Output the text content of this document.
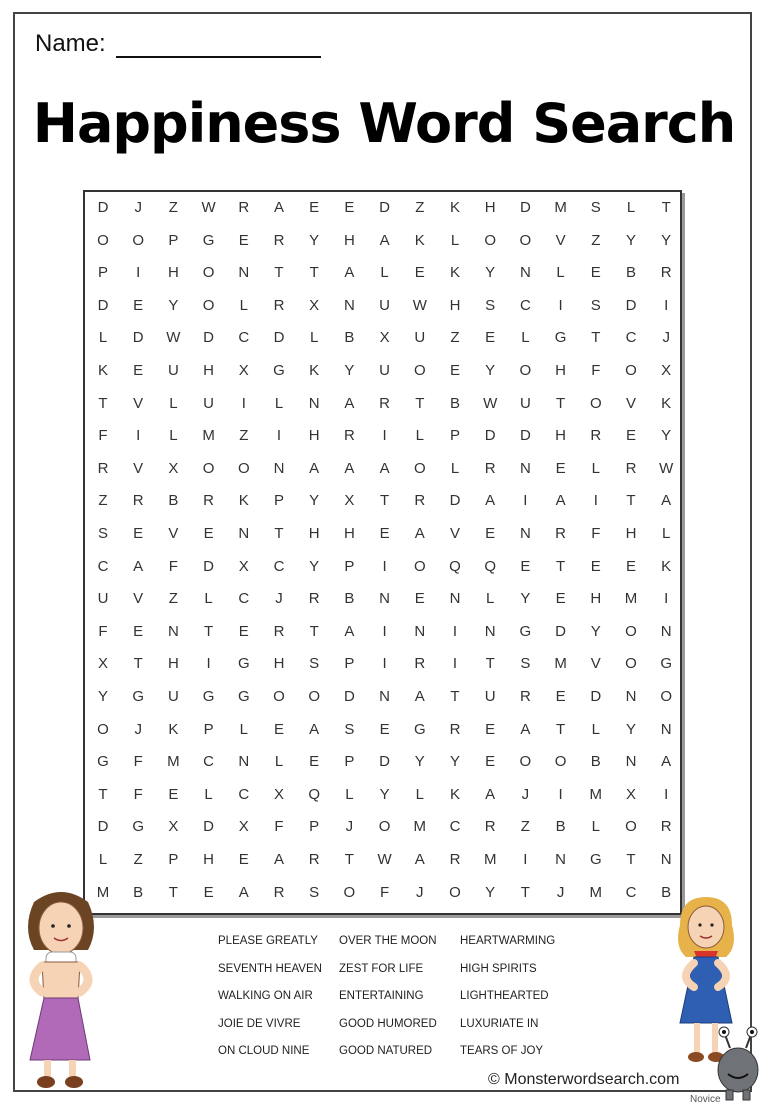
Name:
Happiness Word Search
D	J	Z	W	R	A	E	E	D	Z	K	H	D	M	S	L	T
O	O	P	G	E	R	Y	H	A	K	L	O	O	V	Z	Y	Y
P	I	H	O	N	T	T	A	L	E	K	Y	N	L	E	B	R
D	E	Y	O	L	R	X	N	U	W	H	S	C	I	S	D	I
L	D	W	D	C	D	L	B	X	U	Z	E	L	G	T	C	J
K	E	U	H	X	G	K	Y	U	O	E	Y	O	H	F	O	X
T	V	L	U	I	L	N	A	R	T	B	W	U	T	O	V	K
F	I	L	M	Z	I	H	R	I	L	P	D	D	H	R	E	Y
R	V	X	O	O	N	A	A	A	O	L	R	N	E	L	R	W
Z	R	B	R	K	P	Y	X	T	R	D	A	I	A	I	T	A
S	E	V	E	N	T	H	H	E	A	V	E	N	R	F	H	L
C	A	F	D	X	C	Y	P	I	O	Q	Q	E	T	E	E	K
U	V	Z	L	C	J	R	B	N	E	N	L	Y	E	H	M	I
F	E	N	T	E	R	T	A	I	N	I	N	G	D	Y	O	N
X	T	H	I	G	H	S	P	I	R	I	T	S	M	V	O	G
Y	G	U	G	G	O	O	D	N	A	T	U	R	E	D	N	O
O	J	K	P	L	E	A	S	E	G	R	E	A	T	L	Y	N
G	F	M	C	N	L	E	P	D	Y	Y	E	O	O	B	N	A
T	F	E	L	C	X	Q	L	Y	L	K	A	J	I	M	X	I
D	G	X	D	X	F	P	J	O	M	C	R	Z	B	L	O	R
L	Z	P	H	E	A	R	T	W	A	R	M	I	N	G	T	N
M	B	T	E	A	R	S	O	F	J	O	Y	T	J	M	C	B
PLEASE GREATLY	OVER THE MOON	HEARTWARMING
SEVENTH HEAVEN	ZEST FOR LIFE	HIGH SPIRITS
WALKING ON AIR	ENTERTAINING	LIGHTHEARTED
JOIE DE VIVRE	GOOD HUMORED	LUXURIATE IN
ON CLOUD NINE	GOOD NATURED	TEARS OF JOY
© Monsterwordsearch.com
Novice
